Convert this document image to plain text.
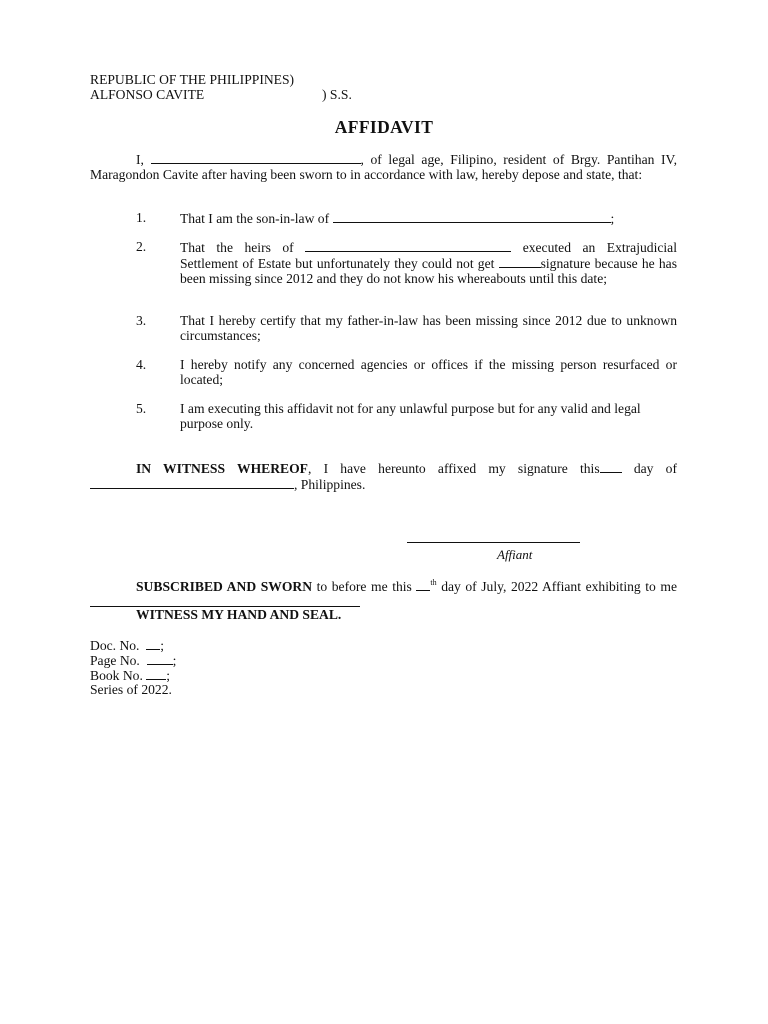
REPUBLIC OF THE PHILIPPINES)
ALFONSO CAVITE	) S.S.
AFFIDAVIT
I,	, of legal age, Filipino, resident of Brgy. Pantihan IV, Maragondon Cavite after having been sworn to in accordance with law, hereby depose and state, that:
1. That I am the son-in-law of	;
2. That the heirs of	executed an Extrajudicial Settlement of Estate but unfortunately they could not get	signature because he has been missing since 2012 and they do not know his whereabouts until this date;
3. That I hereby certify that my father-in-law has been missing since 2012 due to unknown circumstances;
4. I hereby notify any concerned agencies or offices if the missing person resurfaced or located;
5. I am executing this affidavit not for any unlawful purpose but for any valid and legal purpose only.
IN WITNESS WHEREOF, I have hereunto affixed my signature this	day of , Philippines.
Affiant
SUBSCRIBED AND SWORN to before me this $^{th}$ day of July, 2022 Affiant exhibiting to me
WITNESS MY HAND AND SEAL.
Doc. No. ;
Page No. ;
Book No. ;
Series of 2022.
